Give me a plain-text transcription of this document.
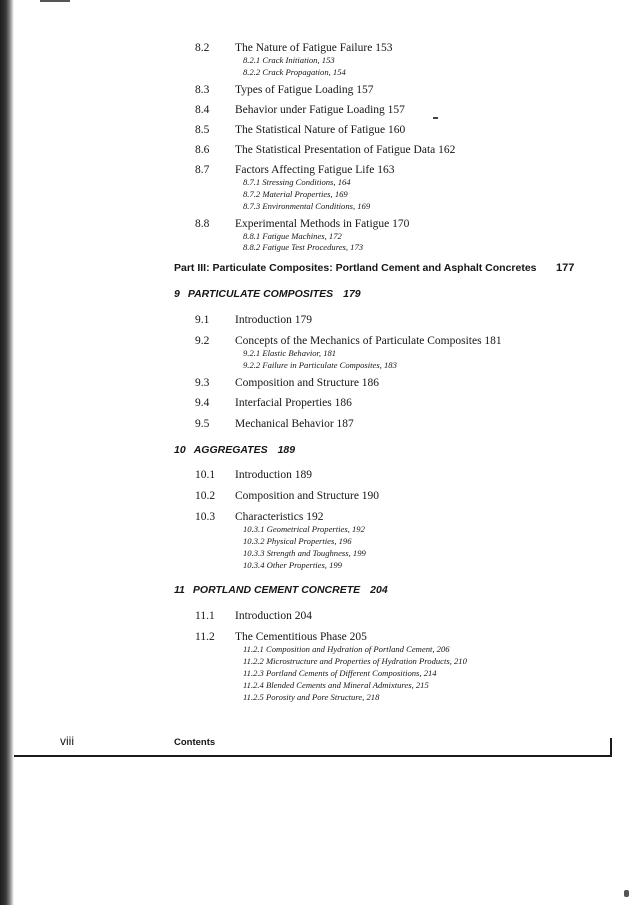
8.2 The Nature of Fatigue Failure 153
8.2.1 Crack Initiation, 153
8.2.2 Crack Propagation, 154
8.3 Types of Fatigue Loading 157
8.4 Behavior under Fatigue Loading 157
8.5 The Statistical Nature of Fatigue 160
8.6 The Statistical Presentation of Fatigue Data 162
8.7 Factors Affecting Fatigue Life 163
8.7.1 Stressing Conditions, 164
8.7.2 Material Properties, 169
8.7.3 Environmental Conditions, 169
8.8 Experimental Methods in Fatigue 170
8.8.1 Fatigue Machines, 172
8.8.2 Fatigue Test Procedures, 173
Part III: Particulate Composites: Portland Cement and Asphalt Concretes 177
9 PARTICULATE COMPOSITES 179
9.1 Introduction 179
9.2 Concepts of the Mechanics of Particulate Composites 181
9.2.1 Elastic Behavior, 181
9.2.2 Failure in Particulate Composites, 183
9.3 Composition and Structure 186
9.4 Interfacial Properties 186
9.5 Mechanical Behavior 187
10 AGGREGATES 189
10.1 Introduction 189
10.2 Composition and Structure 190
10.3 Characteristics 192
10.3.1 Geometrical Properties, 192
10.3.2 Physical Properties, 196
10.3.3 Strength and Toughness, 199
10.3.4 Other Properties, 199
11 PORTLAND CEMENT CONCRETE 204
11.1 Introduction 204
11.2 The Cementitious Phase 205
11.2.1 Composition and Hydration of Portland Cement, 206
11.2.2 Microstructure and Properties of Hydration Products, 210
11.2.3 Portland Cements of Different Compositions, 214
11.2.4 Blended Cements and Mineral Admixtures, 215
11.2.5 Porosity and Pore Structure, 218
viii	Contents
